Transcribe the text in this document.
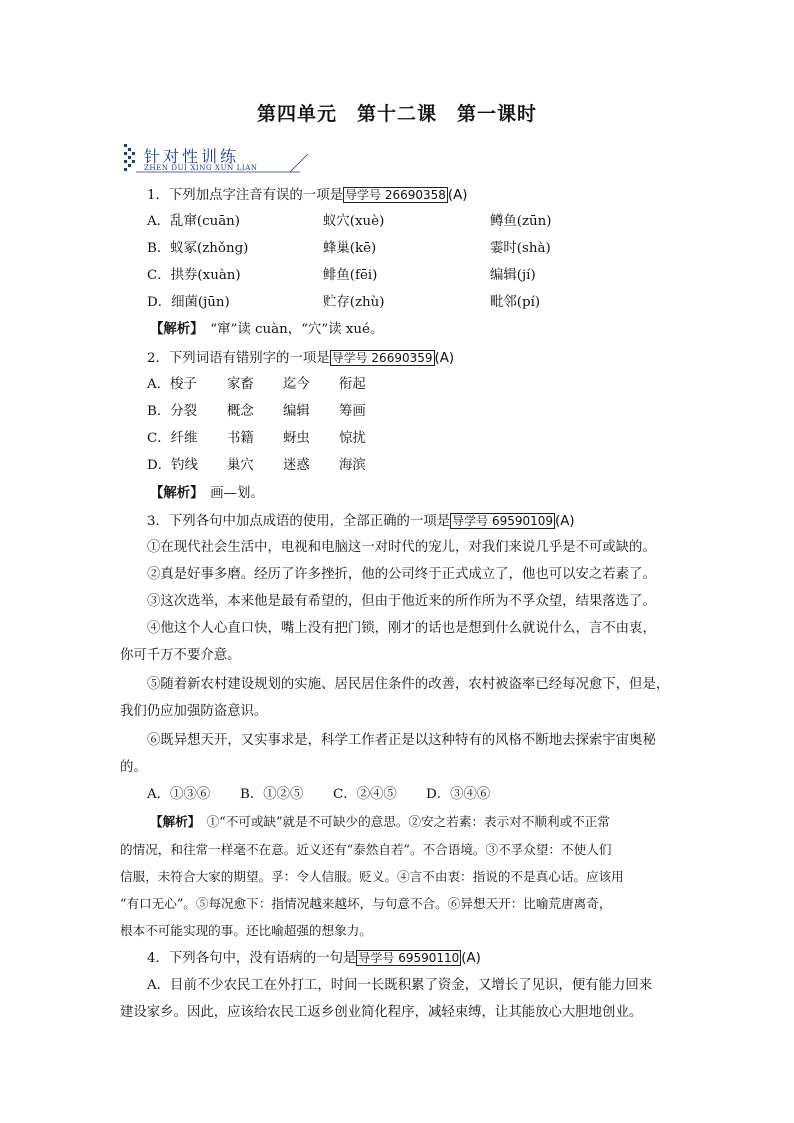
第四单元　第十二课　第一课时
针对性训练
ZHEN DUI XING XUN LIAN
1．下列加点字注音有误的一项是 导学号 26690358 (A)
A．乱窜(cuān)	蚁穴(xuè)	鳟鱼(zūn)
B．蚁冢(zhǒng)	蜂巢(kē)	霎时(shà)
C．拱券(xuàn)	鲱鱼(fēi)	编辑(jí)
D．细菌(jūn)	贮存(zhù)	毗邻(pí)
【解析】　 “窜”读 cuàn，“穴”读 xué。
2．下列词语有错别字的一项是 导学号 26690359 (A)
A．梭子 家畜 迄今 衔起
B．分裂 概念 编辑 筹画
C．纤维 书籍 蚜虫 惊扰
D．钓线 巢穴 迷惑 海滨
【解析】　 画—划。
3．下列各句中加点成语的使用，全部正确的一项是 导学号 69590109 (A)
①在现代社会生活中，电视和电脑这一对时代的宠儿，对我们来说几乎是不可或缺的。
②真是好事多磨。经历了许多挫折，他的公司终于正式成立了，他也可以安之若素了。
③这次选举，本来他是最有希望的，但由于他近来的所作所为不孚众望，结果落选了。
④他这个人心直口快，嘴上没有把门锁，刚才的话也是想到什么就说什么，言不由衷，
你可千万不要介意。
⑤随着新农村建设规划的实施、居民居住条件的改善，农村被盗率已经每况愈下，但是，
我们仍应加强防盗意识。
⑥既异想天开，又实事求是，科学工作者正是以这种特有的风格不断地去探索宇宙奥秘
的。
A．①③⑥ B．①②⑤ C．②④⑤ D．③④⑥
【解析】　 ①“不可或缺”就是不可缺少的意思。②安之若素：表示对不顺利或不正常
的情况，和往常一样毫不在意。近义还有“泰然自若”。不合语境。③不孚众望：不使人们
信服，未符合大家的期望。孚：令人信服。贬义。④言不由衷：指说的不是真心话。应该用
“有口无心”。⑤每况愈下：指情况越来越坏，与句意不合。⑥异想天开：比喻荒唐离奇，
根本不可能实现的事。还比喻超强的想象力。
4．下列各句中，没有语病的一句是 导学号 69590110 (A)
A．目前不少农民工在外打工，时间一长既积累了资金，又增长了见识，便有能力回来
建设家乡。因此，应该给农民工返乡创业简化程序，减轻束缚，让其能放心大胆地创业。
